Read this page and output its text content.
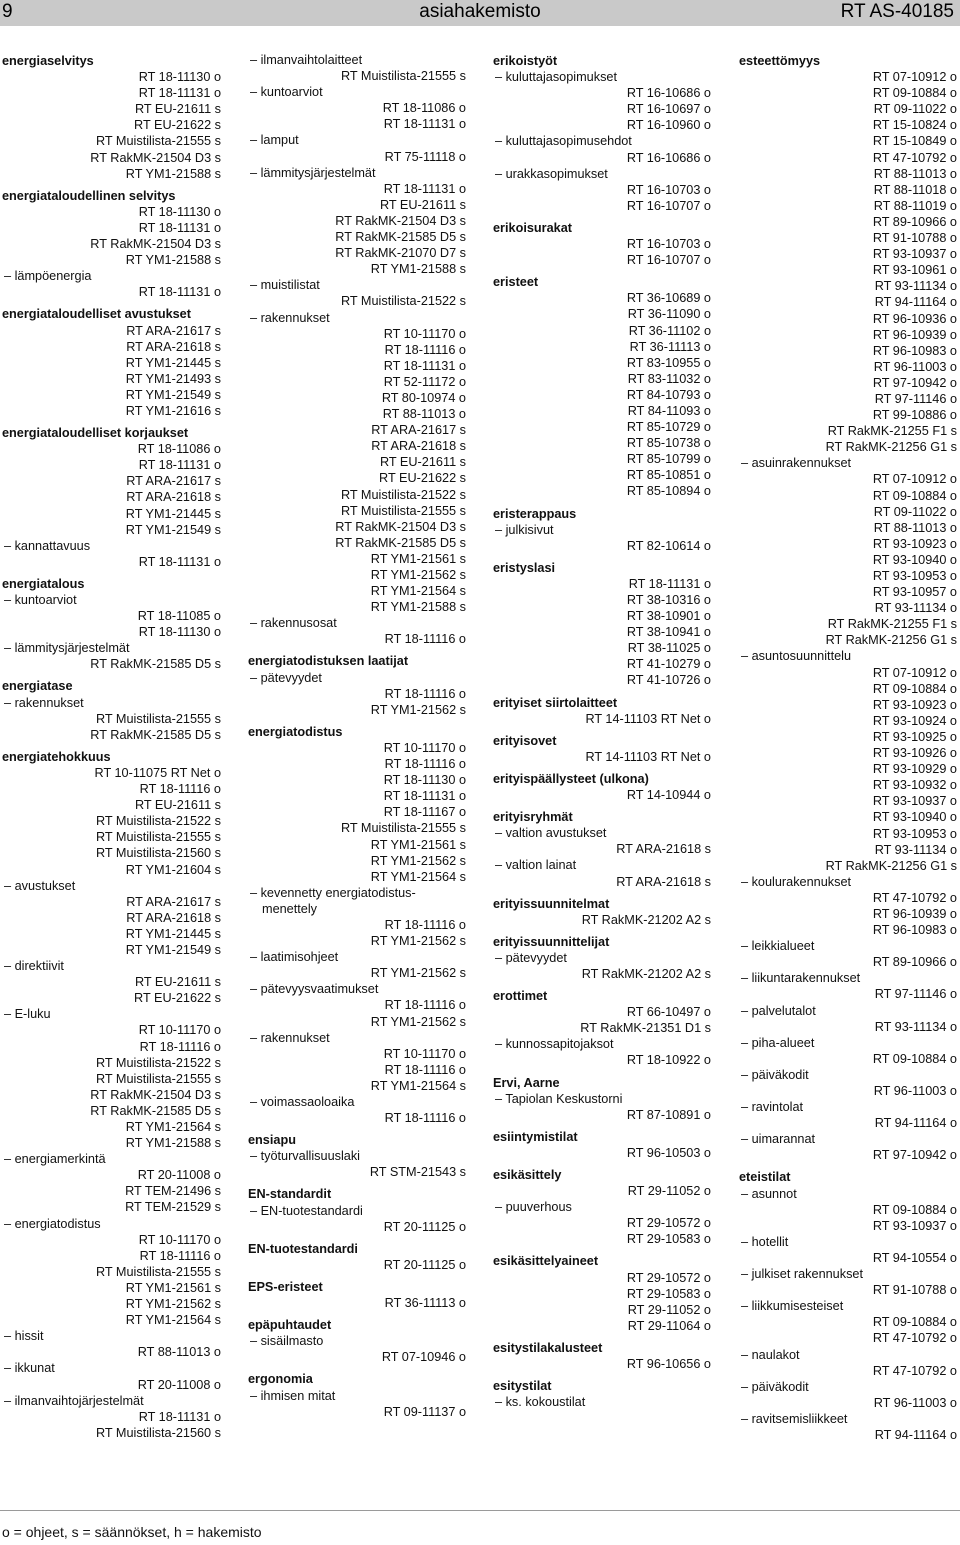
9	asiahakemisto	RT AS-40185
energiaselvitys
RT 18-11130 o
RT 18-11131 o
RT EU-21611 s
RT EU-21622 s
RT Muistilista-21555 s
RT RakMK-21504 D3 s
RT YM1-21588 s
energiataloudellinen selvitys
RT 18-11130 o
RT 18-11131 o
RT RakMK-21504 D3 s
RT YM1-21588 s
– lämpöenergia
RT 18-11131 o
energiataloudelliset avustukset
RT ARA-21617 s
RT ARA-21618 s
RT YM1-21445 s
RT YM1-21493 s
RT YM1-21549 s
RT YM1-21616 s
energiataloudelliset korjaukset
RT 18-11086 o
RT 18-11131 o
RT ARA-21617 s
RT ARA-21618 s
RT YM1-21445 s
RT YM1-21549 s
– kannattavuus
RT 18-11131 o
energiatalous
– kuntoarviot
RT 18-11085 o
RT 18-11130 o
– lämmitysjärjestelmät
RT RakMK-21585 D5 s
energiatase
– rakennukset
RT Muistilista-21555 s
RT RakMK-21585 D5 s
energiatehokkuus
RT 10-11075 RT Net o
RT 18-11116 o
RT EU-21611 s
RT Muistilista-21522 s
RT Muistilista-21555 s
RT Muistilista-21560 s
RT YM1-21604 s
– avustukset
RT ARA-21617 s
RT ARA-21618 s
RT YM1-21445 s
RT YM1-21549 s
– direktiivit
RT EU-21611 s
RT EU-21622 s
– E-luku
RT 10-11170 o
RT 18-11116 o
RT Muistilista-21522 s
RT Muistilista-21555 s
RT RakMK-21504 D3 s
RT RakMK-21585 D5 s
RT YM1-21564 s
RT YM1-21588 s
– energiamerkintä
RT 20-11008 o
RT TEM-21496 s
RT TEM-21529 s
– energiatodistus
RT 10-11170 o
RT 18-11116 o
RT Muistilista-21555 s
RT YM1-21561 s
RT YM1-21562 s
RT YM1-21564 s
– hissit
RT 88-11013 o
– ikkunat
RT 20-11008 o
– ilmanvaihtojärjestelmät
RT 18-11131 o
RT Muistilista-21560 s
– ilmanvaihtolaitteet
RT Muistilista-21555 s
– kuntoarviot
RT 18-11086 o
RT 18-11131 o
– lamput
RT 75-11118 o
– lämmitysjärjestelmät
RT 18-11131 o
RT EU-21611 s
RT RakMK-21504 D3 s
RT RakMK-21585 D5 s
RT RakMK-21070 D7 s
RT YM1-21588 s
– muistilistat
RT Muistilista-21522 s
– rakennukset
RT 10-11170 o
RT 18-11116 o
RT 18-11131 o
RT 52-11172 o
RT 80-10974 o
RT 88-11013 o
RT ARA-21617 s
RT ARA-21618 s
RT EU-21611 s
RT EU-21622 s
RT Muistilista-21522 s
RT Muistilista-21555 s
RT RakMK-21504 D3 s
RT RakMK-21585 D5 s
RT YM1-21561 s
RT YM1-21562 s
RT YM1-21564 s
RT YM1-21588 s
– rakennusosat
RT 18-11116 o
energiatodistuksen laatijat
– pätevyydet
RT 18-11116 o
RT YM1-21562 s
energiatodistus
RT 10-11170 o
RT 18-11116 o
RT 18-11130 o
RT 18-11131 o
RT 18-11167 o
RT Muistilista-21555 s
RT YM1-21561 s
RT YM1-21562 s
RT YM1-21564 s
– kevennetty energiatodistus-
menettely
RT 18-11116 o
RT YM1-21562 s
– laatimisohjeet
RT YM1-21562 s
– pätevyysvaatimukset
RT 18-11116 o
RT YM1-21562 s
– rakennukset
RT 10-11170 o
RT 18-11116 o
RT YM1-21564 s
– voimassaoloaika
RT 18-11116 o
ensiapu
– työturvallisuuslaki
RT STM-21543 s
EN-standardit
– EN-tuotestandardi
RT 20-11125 o
EN-tuotestandardi
RT 20-11125 o
EPS-eristeet
RT 36-11113 o
epäpuhtaudet
– sisäilmasto
RT 07-10946 o
ergonomia
– ihmisen mitat
RT 09-11137 o
erikoistyöt
– kuluttajasopimukset
RT 16-10686 o
RT 16-10697 o
RT 16-10960 o
– kuluttajasopimusehdot
RT 16-10686 o
– urakkasopimukset
RT 16-10703 o
RT 16-10707 o
erikoisurakat
RT 16-10703 o
RT 16-10707 o
eristeet
RT 36-10689 o
RT 36-11090 o
RT 36-11102 o
RT 36-11113 o
RT 83-10955 o
RT 83-11032 o
RT 84-10793 o
RT 84-11093 o
RT 85-10729 o
RT 85-10738 o
RT 85-10799 o
RT 85-10851 o
RT 85-10894 o
eristerappaus
– julkisivut
RT 82-10614 o
eristyslasi
RT 18-11131 o
RT 38-10316 o
RT 38-10901 o
RT 38-10941 o
RT 38-11025 o
RT 41-10279 o
RT 41-10726 o
erityiset siirtolaitteet
RT 14-11103 RT Net o
erityisovet
RT 14-11103 RT Net o
erityispäällysteet (ulkona)
RT 14-10944 o
erityisryhmät
– valtion avustukset
RT ARA-21618 s
– valtion lainat
RT ARA-21618 s
erityissuunnitelmat
RT RakMK-21202 A2 s
erityissuunnittelijat
– pätevyydet
RT RakMK-21202 A2 s
erottimet
RT 66-10497 o
RT RakMK-21351 D1 s
– kunnossapitojaksot
RT 18-10922 o
Ervi, Aarne
– Tapiolan Keskustorni
RT 87-10891 o
esiintymistilat
RT 96-10503 o
esikäsittely
RT 29-11052 o
– puuverhous
RT 29-10572 o
RT 29-10583 o
esikäsittelyaineet
RT 29-10572 o
RT 29-10583 o
RT 29-11052 o
RT 29-11064 o
esitystilakalusteet
RT 96-10656 o
esitystilat
– ks. kokoustilat
esteettömyys
RT 07-10912 o
RT 09-10884 o
RT 09-11022 o
RT 15-10824 o
RT 15-10849 o
RT 47-10792 o
RT 88-11013 o
RT 88-11018 o
RT 88-11019 o
RT 89-10966 o
RT 91-10788 o
RT 93-10937 o
RT 93-10961 o
RT 93-11134 o
RT 94-11164 o
RT 96-10936 o
RT 96-10939 o
RT 96-10983 o
RT 96-11003 o
RT 97-10942 o
RT 97-11146 o
RT 99-10886 o
RT RakMK-21255 F1 s
RT RakMK-21256 G1 s
– asuinrakennukset
RT 07-10912 o
RT 09-10884 o
RT 09-11022 o
RT 88-11013 o
RT 93-10923 o
RT 93-10940 o
RT 93-10953 o
RT 93-10957 o
RT 93-11134 o
RT RakMK-21255 F1 s
RT RakMK-21256 G1 s
– asuntosuunnittelu
RT 07-10912 o
RT 09-10884 o
RT 93-10923 o
RT 93-10924 o
RT 93-10925 o
RT 93-10926 o
RT 93-10929 o
RT 93-10932 o
RT 93-10937 o
RT 93-10940 o
RT 93-10953 o
RT 93-11134 o
RT RakMK-21256 G1 s
– koulurakennukset
RT 47-10792 o
RT 96-10939 o
RT 96-10983 o
– leikkialueet
RT 89-10966 o
– liikuntarakennukset
RT 97-11146 o
– palvelutalot
RT 93-11134 o
– piha-alueet
RT 09-10884 o
– päiväkodit
RT 96-11003 o
– ravintolat
RT 94-11164 o
– uimarannat
RT 97-10942 o
eteistilat
– asunnot
RT 09-10884 o
RT 93-10937 o
– hotellit
RT 94-10554 o
– julkiset rakennukset
RT 91-10788 o
– liikkumisesteiset
RT 09-10884 o
RT 47-10792 o
– naulakot
RT 47-10792 o
– päiväkodit
RT 96-11003 o
– ravitsemisliikkeet
RT 94-11164 o
o = ohjeet, s = säännökset, h = hakemisto
